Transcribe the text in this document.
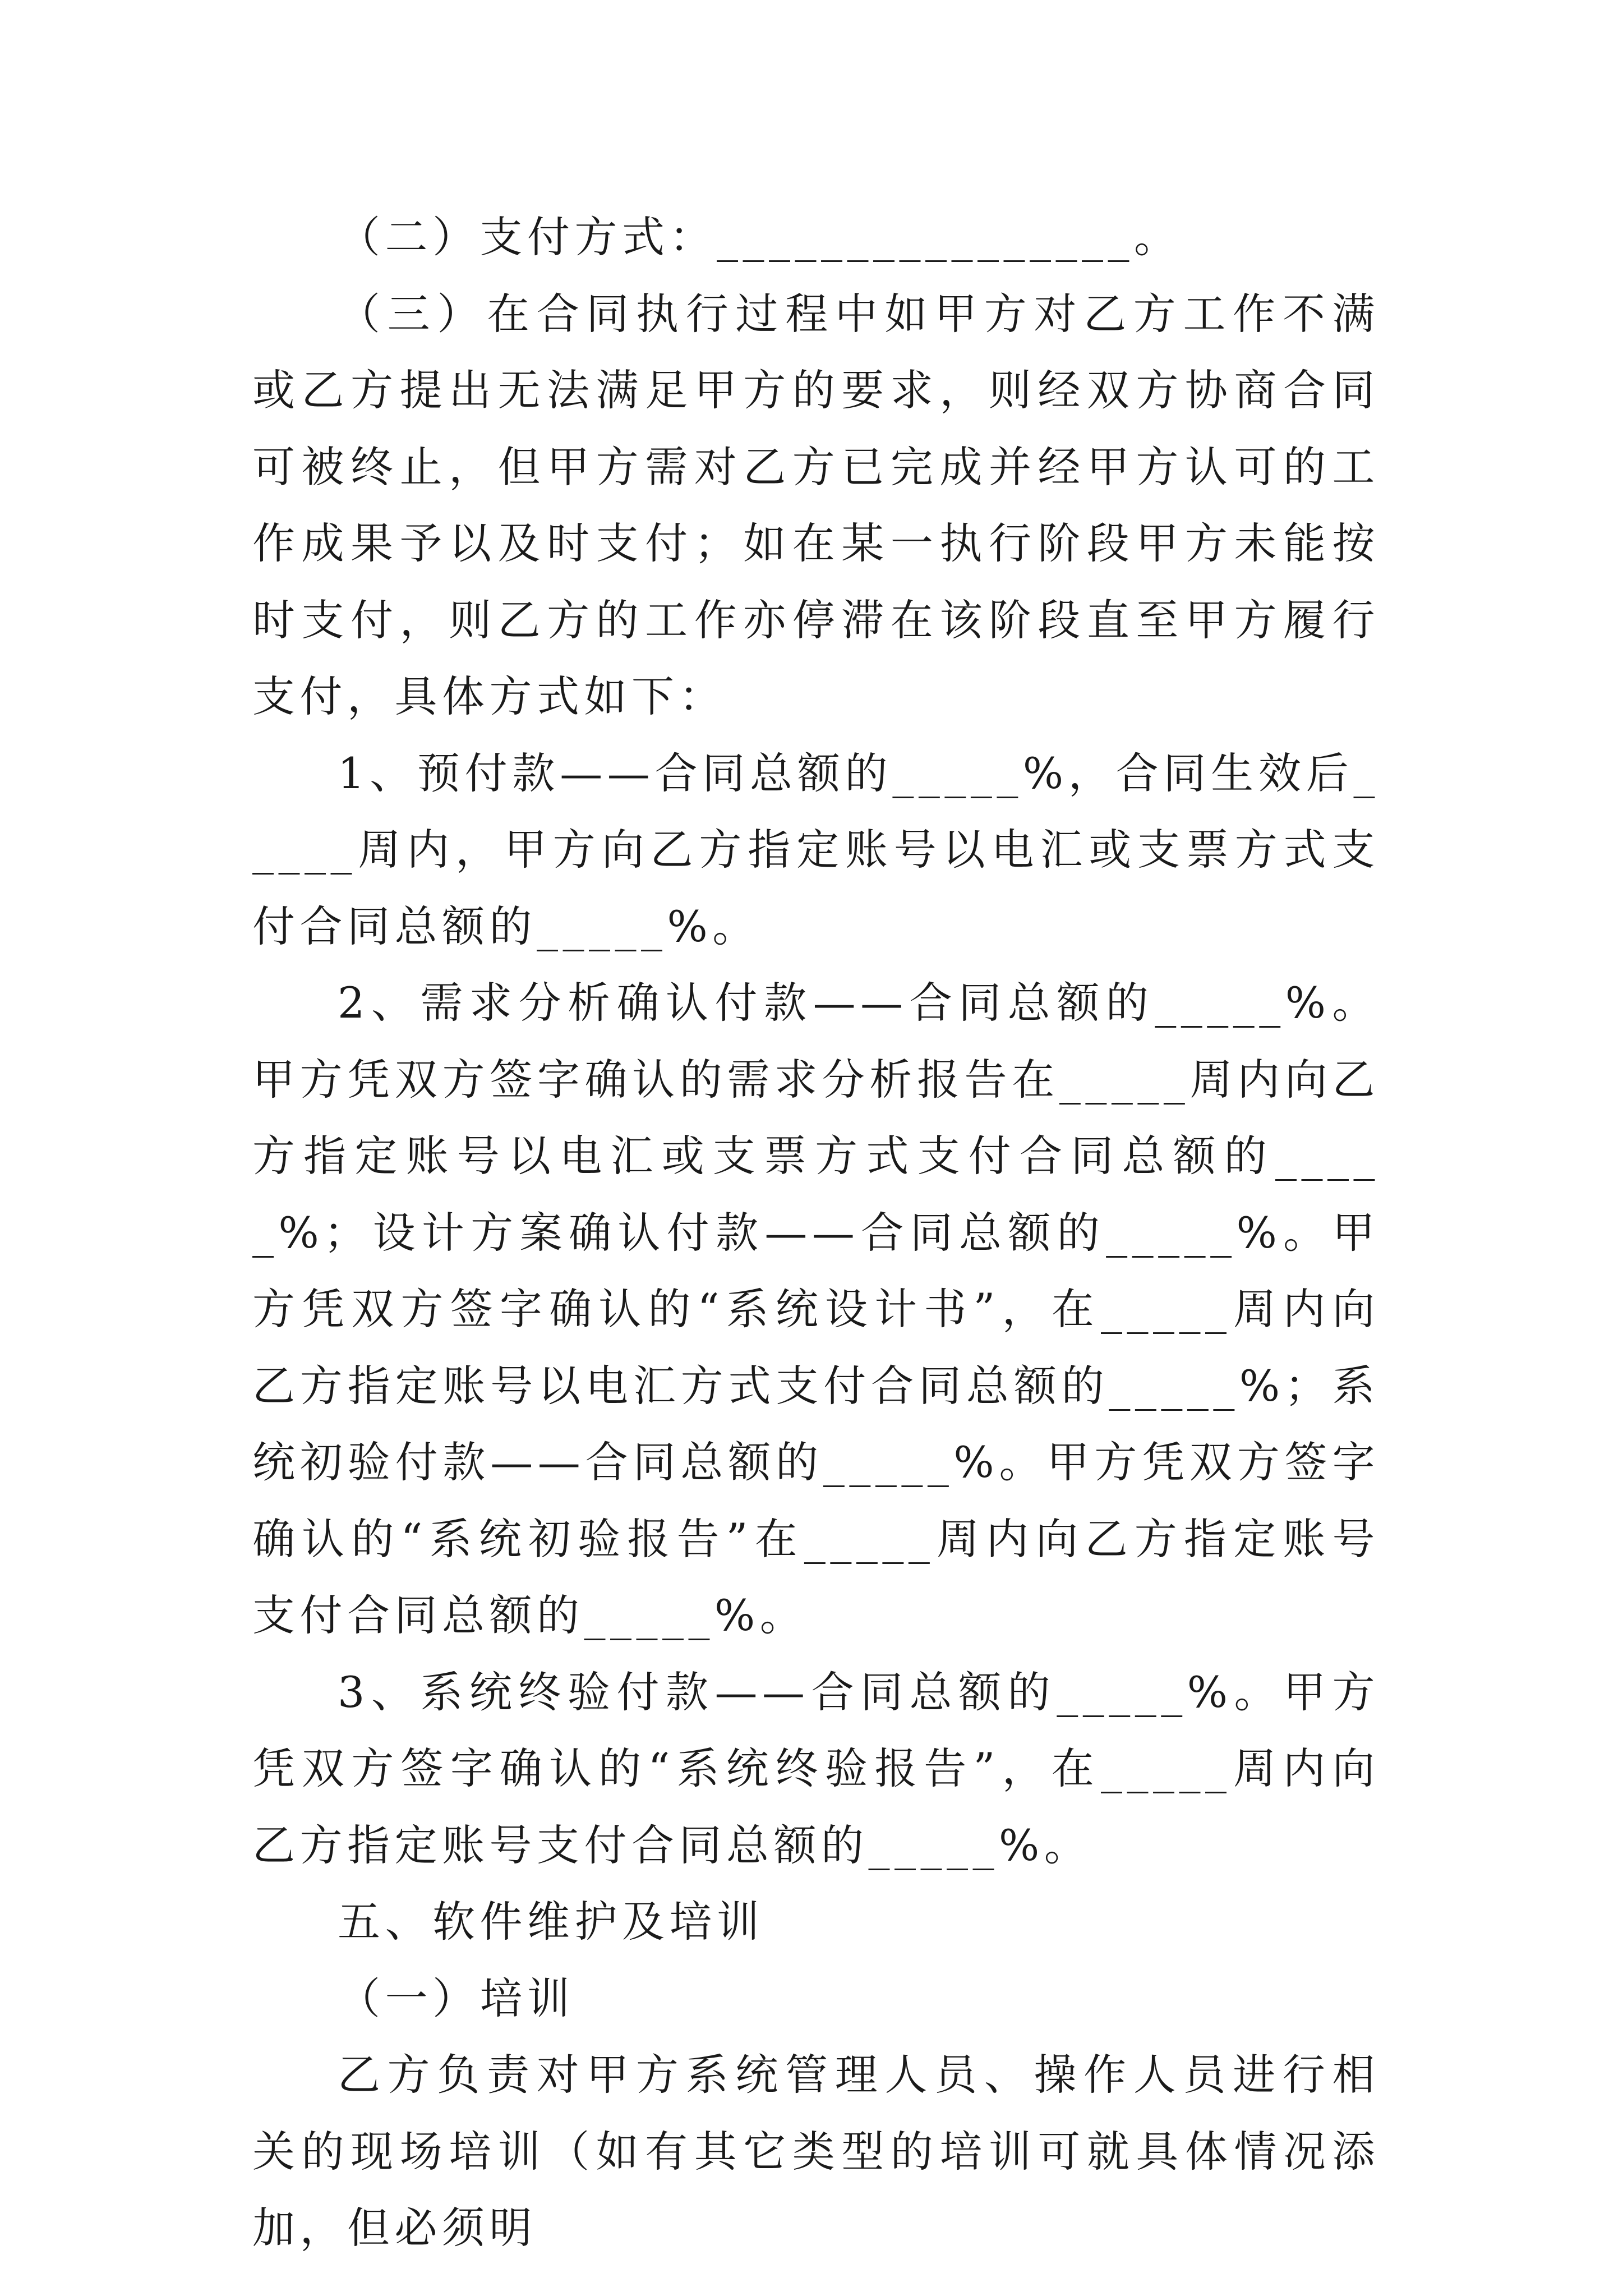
（二）支付方式：________________。

（三）在合同执行过程中如甲方对乙方工作不满或乙方提出无法满足甲方的要求，则经双方协商合同可被终止，但甲方需对乙方已完成并经甲方认可的工作成果予以及时支付；如在某一执行阶段甲方未能按时支付，则乙方的工作亦停滞在该阶段直至甲方履行支付，具体方式如下：

1、预付款——合同总额的_____%，合同生效后_____周内，甲方向乙方指定账号以电汇或支票方式支付合同总额的_____%。

2、需求分析确认付款——合同总额的_____%。甲方凭双方签字确认的需求分析报告在_____周内向乙方指定账号以电汇或支票方式支付合同总额的_____%；设计方案确认付款——合同总额的_____%。甲方凭双方签字确认的“系统设计书”，在_____周内向乙方指定账号以电汇方式支付合同总额的_____%；系统初验付款——合同总额的_____%。甲方凭双方签字确认的“系统初验报告”在_____周内向乙方指定账号支付合同总额的_____%。

3、系统终验付款——合同总额的_____%。甲方凭双方签字确认的“系统终验报告”，在_____周内向乙方指定账号支付合同总额的_____%。

五、软件维护及培训

（一）培训

乙方负责对甲方系统管理人员、操作人员进行相关的现场培训（如有其它类型的培训可就具体情况添加，但必须明
